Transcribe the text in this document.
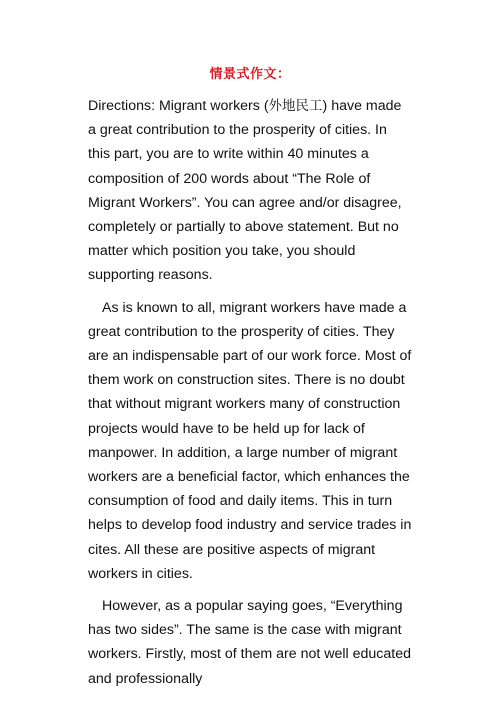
情景式作文：

Directions: Migrant workers (外地民工) have made a great contribution to the prosperity of cities. In this part, you are to write within 40 minutes a composition of 200 words about “The Role of Migrant Workers”. You can agree and/or disagree, completely or partially to above statement. But no matter which position you take, you should supporting reasons.

As is known to all, migrant workers have made a great contribution to the prosperity of cities. They are an indispensable part of our work force. Most of them work on construction sites. There is no doubt that without migrant workers many of construction projects would have to be held up for lack of manpower. In addition, a large number of migrant workers are a beneficial factor, which enhances the consumption of food and daily items. This in turn helps to develop food industry and service trades in cites. All these are positive aspects of migrant workers in cities.

However, as a popular saying goes, “Everything has two sides”. The same is the case with migrant workers. Firstly, most of them are not well educated and professionally
